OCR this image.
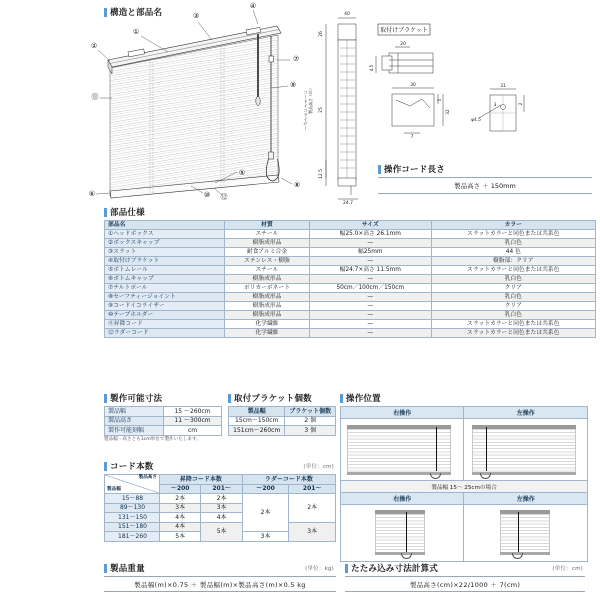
構造と部品名
①
②
③
④
⑤
⑥
⑦
⑧
⑨
⑩
⑪
⑫
コードイコライザー
40
26
25
12.5
24.7
製品高さ（Ｈ）
取付けブラケット
20
4.5
30
5
32
7
31
3	2
φ4.5
操作コード長さ
製品高さ ＋ 150mm
部品仕様
部品名	材質	サイズ	カラー
①ヘッドボックス	スチール	幅25.0×高さ 26.1mm	スラットカラーと同色または共系色
②ボックスキャップ	樹脂成形品	—	乳白色
③スラット	耐食アルミ合金	幅25mm	44 色
④取付けブラケット	ステンレス・樹脂	—	樹脂部：クリア
⑤ボトムレール	スチール	幅24.7×高さ 11.5mm	スラットカラーと同色または共系色
⑥ボトムキャップ	樹脂成形品	—	乳白色
⑦チルトポール	ポリカーボネート	50cm／100cm／150cm	クリア
⑧セーフティージョイント	樹脂成形品	—	乳白色
⑨コードイコライザー	樹脂成形品	—	クリア
⑩テープホルダー	樹脂成形品	—	乳白色
⑪昇降コード	化学繊維	—	スラットカラーと同色または共系色
⑫ラダーコード	化学繊維	—	スラットカラーと同色または共系色
製作可能寸法
製品幅	15 ～260cm
製品高さ	11 ～300cm
製作可能刻幅	cm
製品幅・高さとも1cm単位で製作いたします。
取付ブラケット個数
製品幅	ブラケット個数
15cm～150cm	2 個
151cm～260cm	3 個
コード本数	(単位：cm)
製品高さ
製品幅	昇降コード本数		ラダーコード本数	
	～200	201～	～200	201～
15～88	2本	2本	2本	2本
89～130	3本	3本		
131～150	4本	4本		
151～180	4本	5本		3本
181～260	5本		3本	
製品重量	(単位：kg)
製品幅(m)×0.75 ＋ 製品幅(m)×製品高さ(m)×0.5 kg
たたみ込み寸法計算式	(単位：cm)
製品高さ(cm)×22/1000 ＋ 7(cm)
操作位置
右操作	左操作

製品幅 15～ 25cmの場合	
右操作	左操作
